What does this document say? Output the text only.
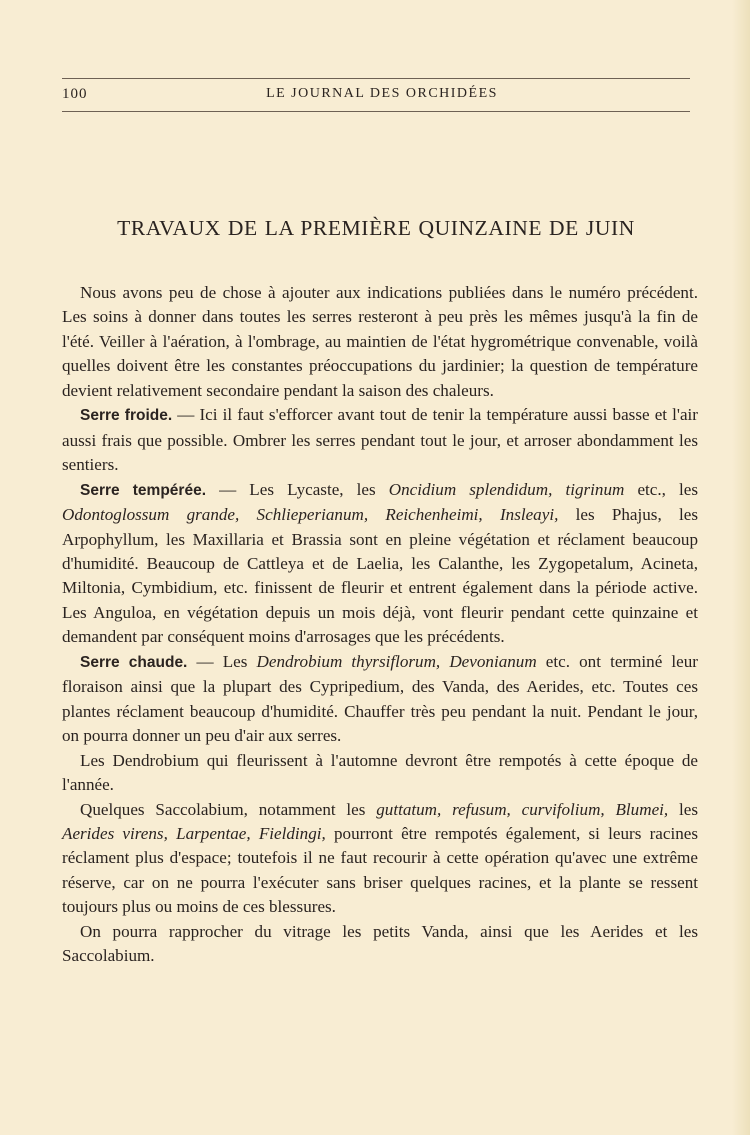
100	LE JOURNAL DES ORCHIDÉES
TRAVAUX DE LA PREMIÈRE QUINZAINE DE JUIN

Nous avons peu de chose à ajouter aux indications publiées dans le numéro précédent. Les soins à donner dans toutes les serres resteront à peu près les mêmes jusqu'à la fin de l'été. Veiller à l'aération, à l'ombrage, au maintien de l'état hygrométrique convenable, voilà quelles doivent être les constantes préoccupations du jardinier; la question de température devient relativement secondaire pendant la saison des chaleurs.

Serre froide. — Ici il faut s'efforcer avant tout de tenir la température aussi basse et l'air aussi frais que possible. Ombrer les serres pendant tout le jour, et arroser abondamment les sentiers.

Serre tempérée. — Les Lycaste, les Oncidium splendidum, tigrinum etc., les Odontoglossum grande, Schlieperianum, Reichenheimi, Insleayi, les Phajus, les Arpophyllum, les Maxillaria et Brassia sont en pleine végétation et réclament beaucoup d'humidité. Beaucoup de Cattleya et de Laelia, les Calanthe, les Zygopetalum, Acineta, Miltonia, Cymbidium, etc. finissent de fleurir et entrent également dans la période active. Les Anguloa, en végétation depuis un mois déjà, vont fleurir pendant cette quinzaine et demandent par conséquent moins d'arrosages que les précédents.

Serre chaude. — Les Dendrobium thyrsiflorum, Devonianum etc. ont terminé leur floraison ainsi que la plupart des Cypripedium, des Vanda, des Aerides, etc. Toutes ces plantes réclament beaucoup d'humidité. Chauffer très peu pendant la nuit. Pendant le jour, on pourra donner un peu d'air aux serres.

Les Dendrobium qui fleurissent à l'automne devront être rempotés à cette époque de l'année.

Quelques Saccolabium, notamment les guttatum, refusum, curvifolium, Blumei, les Aerides virens, Larpentae, Fieldingi, pourront être rempotés également, si leurs racines réclament plus d'espace; toutefois il ne faut recourir à cette opération qu'avec une extrême réserve, car on ne pourra l'exécuter sans briser quelques racines, et la plante se ressent toujours plus ou moins de ces blessures.

On pourra rapprocher du vitrage les petits Vanda, ainsi que les Aerides et les Saccolabium.
